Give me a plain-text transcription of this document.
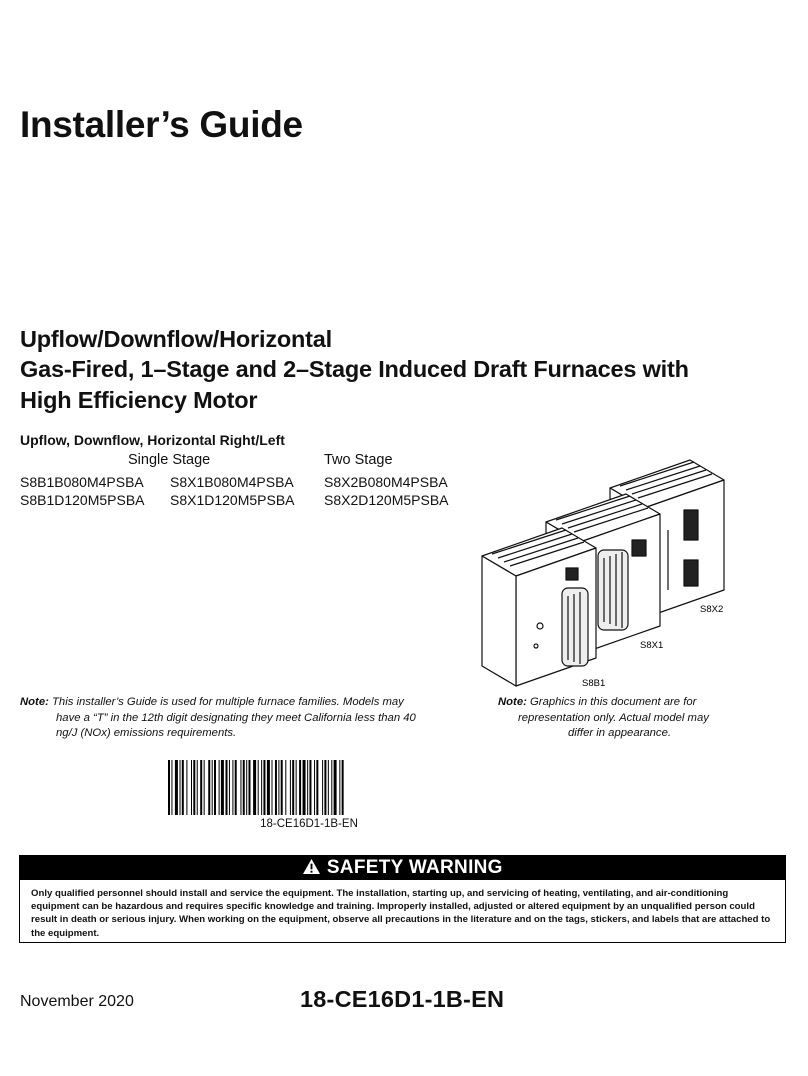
Installer’s Guide
Upflow/Downflow/Horizontal
Gas-Fired, 1–Stage and 2–Stage Induced Draft Furnaces with
High Efficiency Motor
Upflow, Downflow, Horizontal Right/Left
Single Stage	Two Stage
S8B1B080M4PSBA
S8B1D120M5PSBA
S8X1B080M4PSBA
S8X1D120M5PSBA
S8X2B080M4PSBA
S8X2D120M5PSBA
S8X2
S8X1
S8B1
Note: This installer’s Guide is used for multiple furnace families. Models may
have a “T” in the 12th digit designating they meet California less than 40
ng/J (NOx) emissions requirements.
Note: Graphics in this document are for
representation only. Actual model may
differ in appearance.
18-CE16D1-1B-EN
SAFETY WARNING
Only qualified personnel should install and service the equipment. The installation, starting up, and servicing of heating, ventilating, and air-conditioning equipment can be hazardous and requires specific knowledge and training. Improperly installed, adjusted or altered equipment by an unqualified person could result in death or serious injury. When working on the equipment, observe all precautions in the literature and on the tags, stickers, and labels that are attached to the equipment.
November 2020	18-CE16D1-1B-EN
